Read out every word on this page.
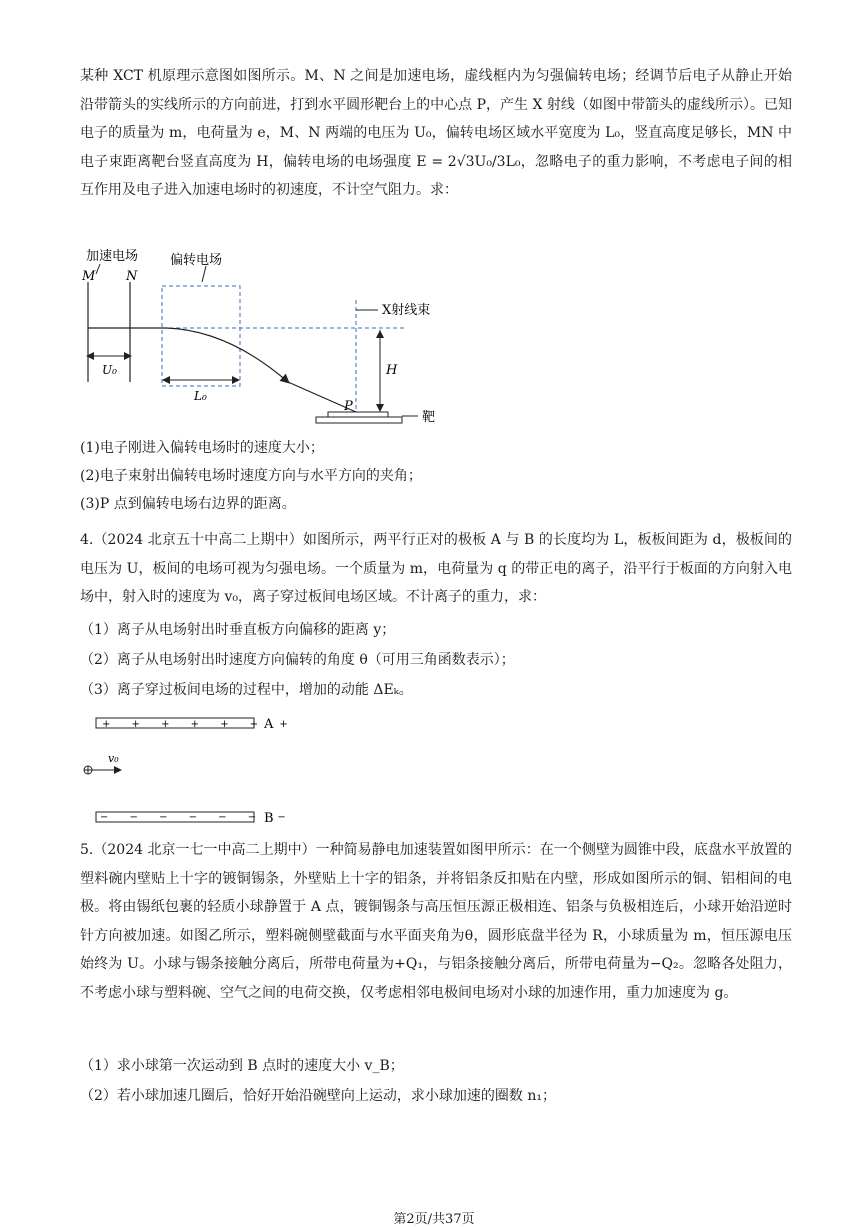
某种 XCT 机原理示意图如图所示。M、N 之间是加速电场，虚线框内为匀强偏转电场；经调节后电子从静止开始沿带箭头的实线所示的方向前进，打到水平圆形靶台上的中心点 P，产生 X 射线（如图中带箭头的虚线所示）。已知电子的质量为 m，电荷量为 e，M、N 两端的电压为 U₀，偏转电场区域水平宽度为 L₀，竖直高度足够长，MN 中电子束距离靶台竖直高度为 H，偏转电场的电场强度 E = 2√3U₀/3L₀，忽略电子的重力影响，不考虑电子间的相互作用及电子进入加速电场时的初速度，不计空气阻力。求：
加速电场
M N
偏转电场
X射线束
H
U₀
L₀
P
靶
(1)电子刚进入偏转电场时的速度大小；
(2)电子束射出偏转电场时速度方向与水平方向的夹角；
(3)P 点到偏转电场右边界的距离。
4.（2024 北京五十中高二上期中）如图所示，两平行正对的极板 A 与 B 的长度均为 L，板板间距为 d，极板间的电压为 U，板间的电场可视为匀强电场。一个质量为 m，电荷量为 q 的带正电的离子，沿平行于板面的方向射入电场中，射入时的速度为 v₀，离子穿过板间电场区域。不计离子的重力，求：
（1）离子从电场射出时垂直板方向偏移的距离 y；
（2）离子从电场射出时速度方向偏转的角度 θ（可用三角函数表示）；
（3）离子穿过板间电场的过程中，增加的动能 ΔEₖ。
+ + + + + + +
A
v₀
− − − − − − −
B
5.（2024 北京一七一中高二上期中）一种简易静电加速装置如图甲所示：在一个侧壁为圆锥中段，底盘水平放置的塑料碗内壁贴上十字的镀铜锡条，外壁贴上十字的铝条，并将铝条反扣贴在内壁，形成如图所示的铜、铝相间的电极。将由锡纸包裹的轻质小球静置于 A 点，镀铜锡条与高压恒压源正极相连、铝条与负极相连后，小球开始沿逆时针方向被加速。如图乙所示，塑料碗侧壁截面与水平面夹角为θ，圆形底盘半径为 R，小球质量为 m，恒压源电压始终为 U。小球与锡条接触分离后，所带电荷量为+Q₁，与铝条接触分离后，所带电荷量为−Q₂。忽略各处阻力，不考虑小球与塑料碗、空气之间的电荷交换，仅考虑相邻电极间电场对小球的加速作用，重力加速度为 g。
（1）求小球第一次运动到 B 点时的速度大小 v_B；
（2）若小球加速几圈后，恰好开始沿碗壁向上运动，求小球加速的圈数 n₁；
第2页/共37页
